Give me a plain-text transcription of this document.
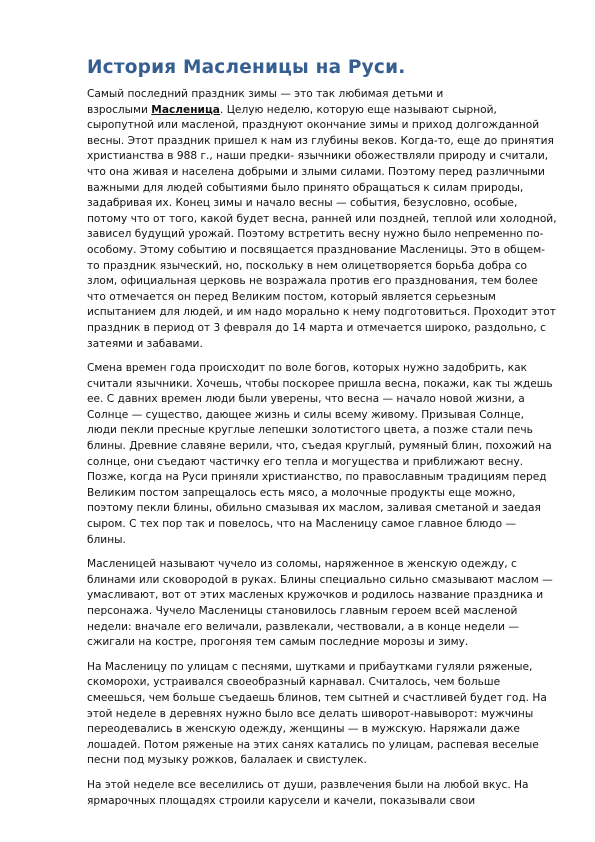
История Масленицы на Руси.
Самый последний праздник зимы — это так любимая детьми и
взрослыми Масленица. Целую неделю, которую еще называют сырной,
сыропутной или масленой, празднуют окончание зимы и приход долгожданной
весны. Этот праздник пришел к нам из глубины веков. Когда-то, еще до принятия
христианства в 988 г., наши предки- язычники обожествляли природу и считали,
что она живая и населена добрыми и злыми силами. Поэтому перед различными
важными для людей событиями было принято обращаться к силам природы,
задабривая их. Конец зимы и начало весны — события, безусловно, особые,
потому что от того, какой будет весна, ранней или поздней, теплой или холодной,
зависел будущий урожай. Поэтому встретить весну нужно было непременно по-
особому. Этому событию и посвящается празднование Масленицы. Это в общем-
то праздник языческий, но, поскольку в нем олицетворяется борьба добра со
злом, официальная церковь не возражала против его празднования, тем более
что отмечается он перед Великим постом, который является серьезным
испытанием для людей, и им надо морально к нему подготовиться. Проходит этот
праздник в период от 3 февраля до 14 марта и отмечается широко, раздольно, с
затеями и забавами.
Смена времен года происходит по воле богов, которых нужно задобрить, как
считали язычники. Хочешь, чтобы поскорее пришла весна, покажи, как ты ждешь
ее. С давних времен люди были уверены, что весна — начало новой жизни, а
Солнце — существо, дающее жизнь и силы всему живому. Призывая Солнце,
люди пекли пресные круглые лепешки золотистого цвета, а позже стали печь
блины. Древние славяне верили, что, съедая круглый, румяный блин, похожий на
солнце, они съедают частичку его тепла и могущества и приближают весну.
Позже, когда на Руси приняли христианство, по православным традициям перед
Великим постом запрещалось есть мясо, а молочные продукты еще можно,
поэтому пекли блины, обильно смазывая их маслом, заливая сметаной и заедая
сыром. С тех пор так и повелось, что на Масленицу самое главное блюдо —
блины.
Масленицей называют чучело из соломы, наряженное в женскую одежду, с
блинами или сковородой в руках. Блины специально сильно смазывают маслом —
умасливают, вот от этих масленых кружочков и родилось название праздника и
персонажа. Чучело Масленицы становилось главным героем всей масленой
недели: вначале его величали, развлекали, чествовали, а в конце недели —
сжигали на костре, прогоняя тем самым последние морозы и зиму.
На Масленицу по улицам с песнями, шутками и прибаутками гуляли ряженые,
скоморохи, устраивался своеобразный карнавал. Считалось, чем больше
смеешься, чем больше съедаешь блинов, тем сытней и счастливей будет год. На
этой неделе в деревнях нужно было все делать шиворот-навыворот: мужчины
переодевались в женскую одежду, женщины — в мужскую. Наряжали даже
лошадей. Потом ряженые на этих санях катались по улицам, распевая веселые
песни под музыку рожков, балалаек и свистулек.
На этой неделе все веселились от души, развлечения были на любой вкус. На
ярмарочных площадях строили карусели и качели, показывали свои
